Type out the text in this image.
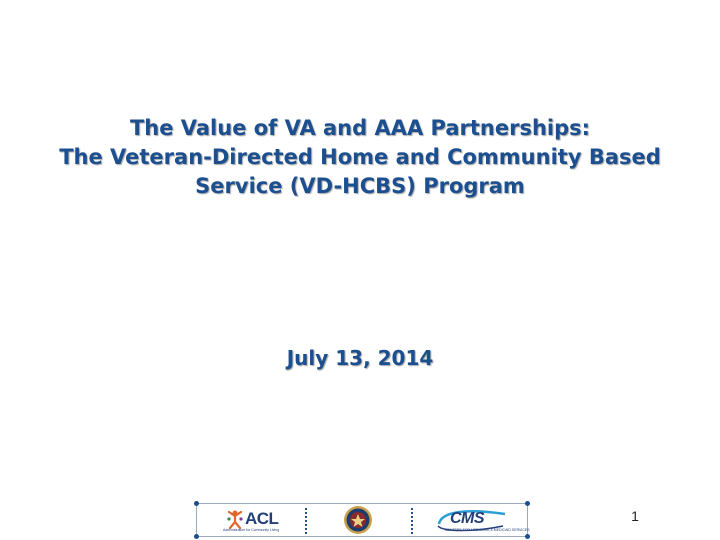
The Value of VA and AAA Partnerships:
The Veteran-Directed Home and Community Based
Service (VD-HCBS) Program
July 13, 2014
ACL
Administration for Community Living
CMS
CENTERS FOR MEDICARE & MEDICAID SERVICES
1
